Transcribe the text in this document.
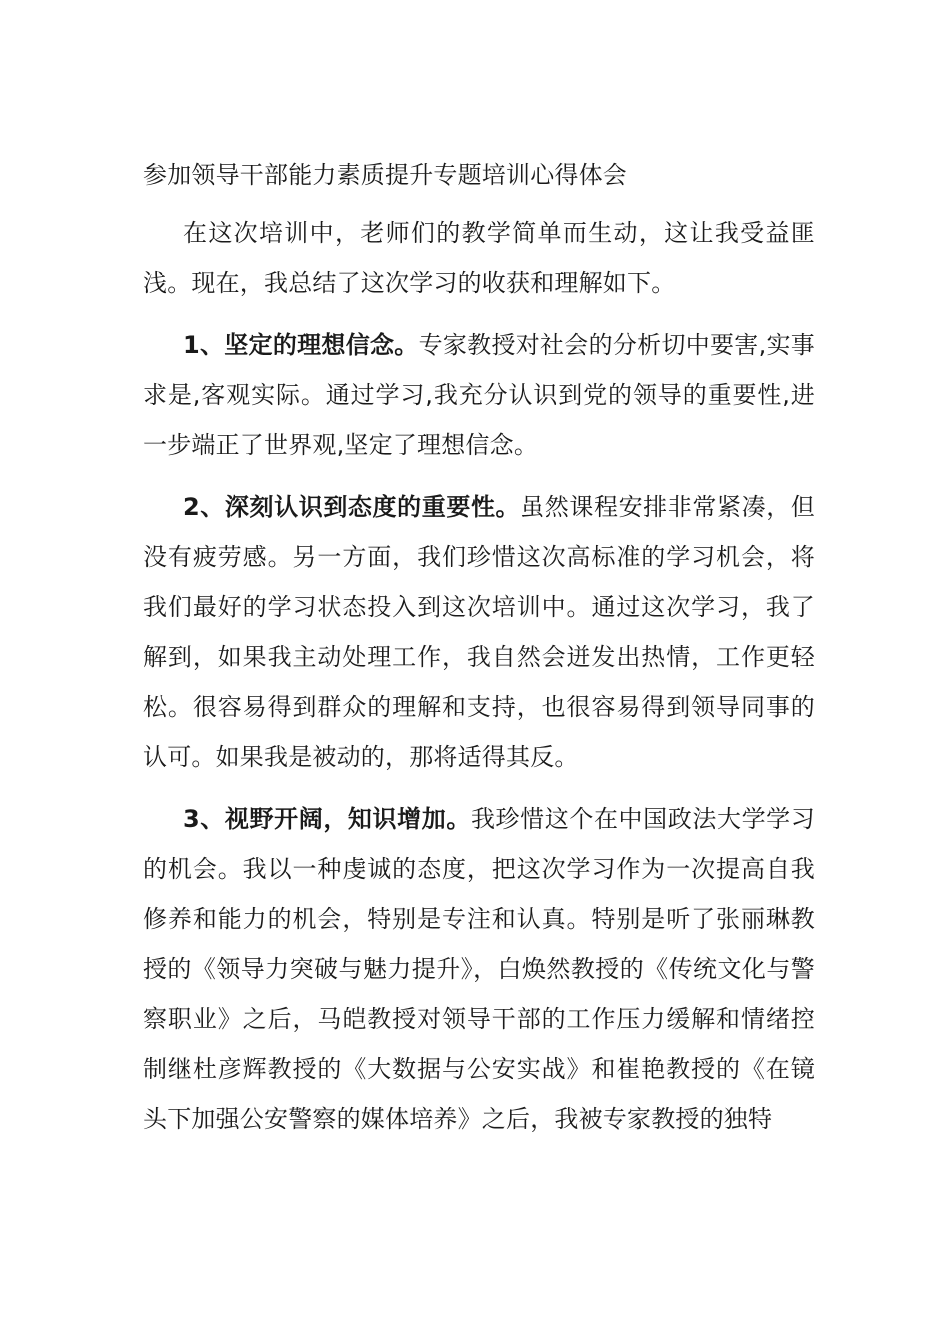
参加领导干部能力素质提升专题培训心得体会

在这次培训中，老师们的教学简单而生动，这让我受益匪浅。现在，我总结了这次学习的收获和理解如下。

1、坚定的理想信念。专家教授对社会的分析切中要害,实事求是,客观实际。通过学习,我充分认识到党的领导的重要性,进一步端正了世界观,坚定了理想信念。

2、深刻认识到态度的重要性。虽然课程安排非常紧凑，但没有疲劳感。另一方面，我们珍惜这次高标准的学习机会，将我们最好的学习状态投入到这次培训中。通过这次学习，我了解到，如果我主动处理工作，我自然会迸发出热情，工作更轻松。很容易得到群众的理解和支持，也很容易得到领导同事的认可。如果我是被动的，那将适得其反。

3、视野开阔，知识增加。我珍惜这个在中国政法大学学习的机会。我以一种虔诚的态度，把这次学习作为一次提高自我修养和能力的机会，特别是专注和认真。特别是听了张丽琳教授的《领导力突破与魅力提升》，白焕然教授的《传统文化与警察职业》之后，马皑教授对领导干部的工作压力缓解和情绪控制继杜彦辉教授的《大数据与公安实战》和崔艳教授的《在镜头下加强公安警察的媒体培养》之后，我被专家教授的独特
